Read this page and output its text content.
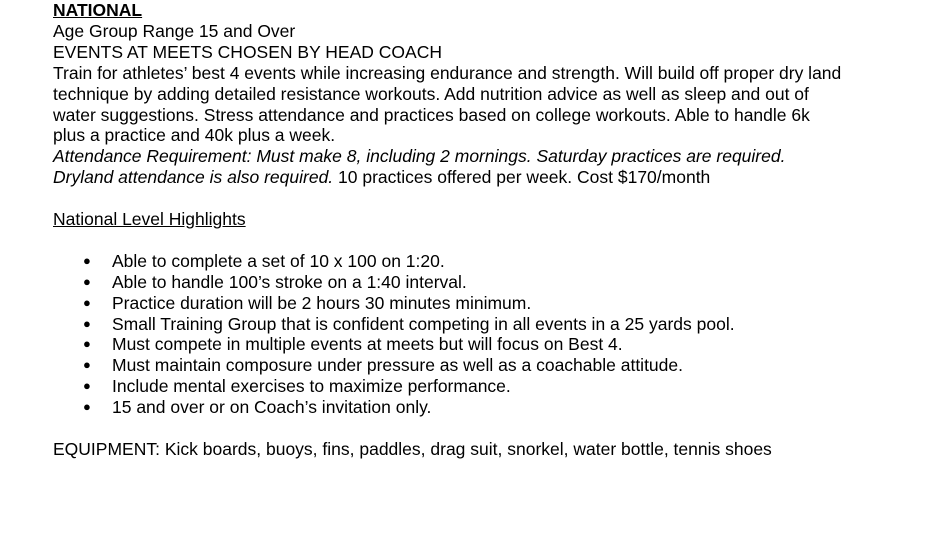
NATIONAL
Age Group Range 15 and Over
EVENTS AT MEETS CHOSEN BY HEAD COACH
Train for athletes’ best 4 events while increasing endurance and strength. Will build off proper dry land technique by adding detailed resistance workouts. Add nutrition advice as well as sleep and out of water suggestions. Stress attendance and practices based on college workouts. Able to handle 6k plus a practice and 40k plus a week.
Attendance Requirement: Must make 8, including 2 mornings. Saturday practices are required. Dryland attendance is also required. 10 practices offered per week. Cost $170/month
National Level Highlights
● Able to complete a set of 10 x 100 on 1:20.
● Able to handle 100’s stroke on a 1:40 interval.
● Practice duration will be 2 hours 30 minutes minimum.
● Small Training Group that is confident competing in all events in a 25 yards pool.
● Must compete in multiple events at meets but will focus on Best 4.
● Must maintain composure under pressure as well as a coachable attitude.
● Include mental exercises to maximize performance.
● 15 and over or on Coach’s invitation only.
EQUIPMENT: Kick boards, buoys, fins, paddles, drag suit, snorkel, water bottle, tennis shoes
